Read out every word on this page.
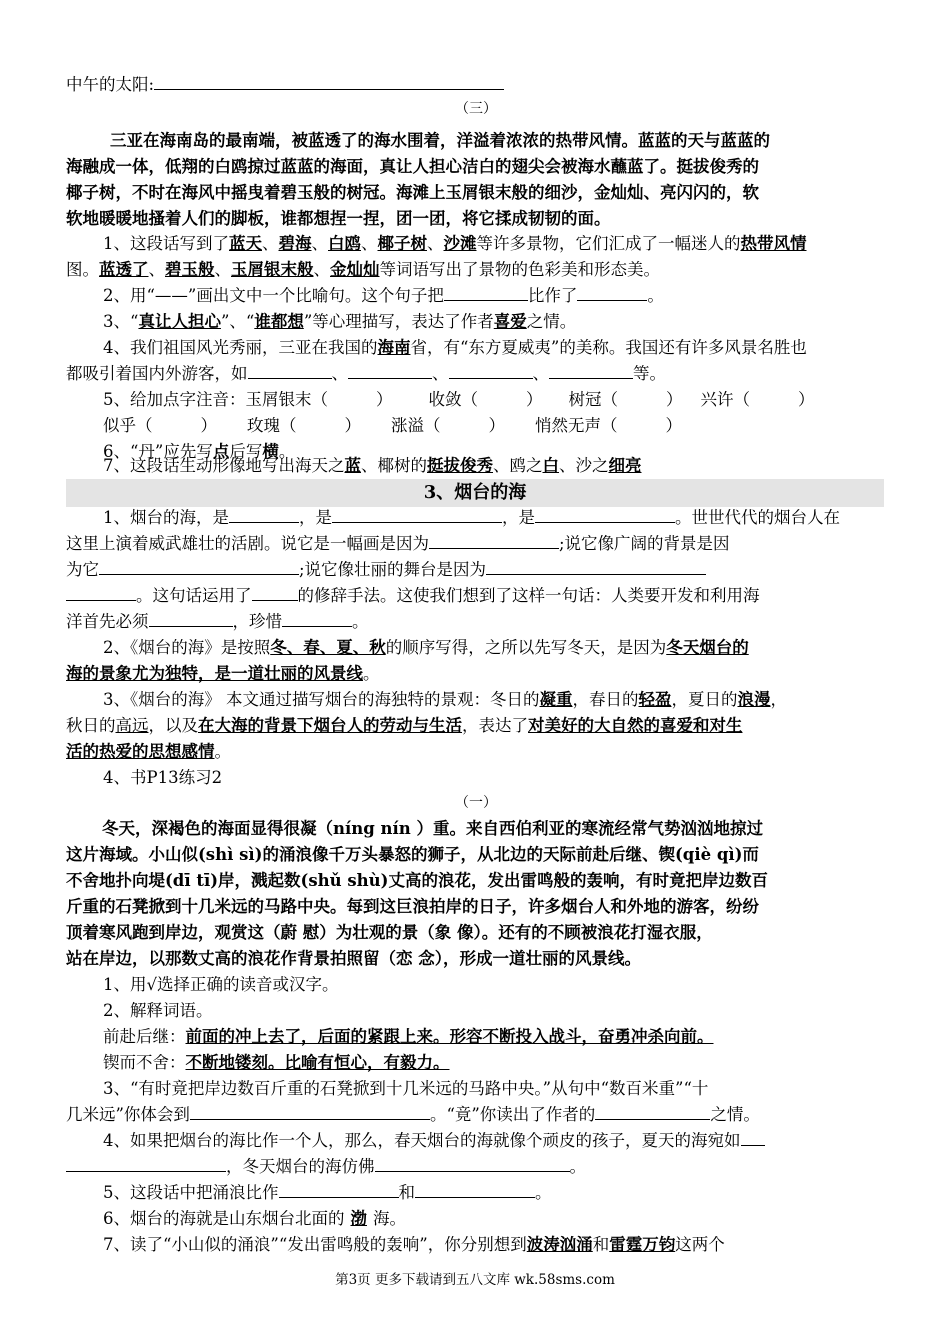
中午的太阳:
（三）
三亚在海南岛的最南端，被蓝透了的海水围着，洋溢着浓浓的热带风情。蓝蓝的天与蓝蓝的
海融成一体，低翔的白鸥掠过蓝蓝的海面，真让人担心洁白的翅尖会被海水蘸蓝了。挺拔俊秀的
椰子树，不时在海风中摇曳着碧玉般的树冠。海滩上玉屑银末般的细沙，金灿灿、亮闪闪的，软
软地暖暖地搔着人们的脚板，谁都想捏一捏，团一团，将它揉成韧韧的面。
1、这段话写到了蓝天、碧海、白鸥、椰子树、沙滩等许多景物，它们汇成了一幅迷人的热带风情
图。蓝透了、碧玉般、玉屑银末般、金灿灿等词语写出了景物的色彩美和形态美。
2、用“——”画出文中一个比喻句。这个句子把	比作了	。
3、“真让人担心”、“谁都想”等心理描写，表达了作者喜爱之情。
4、我们祖国风光秀丽，三亚在我国的海南省，有“东方夏威夷”的美称。我国还有许多风景名胜也
都吸引着国内外游客，如	、	、	、	等。
5、给加点字注音：玉屑银末（	） 收敛（	） 树冠（	） 兴许（	）
似乎（	） 玫瑰（	） 涨溢（	） 悄然无声（	）
6、“丹”应先写点后写横。
7、这段话生动形像地写出海天之蓝、椰树的挺拔俊秀、鸥之白、沙之细亮
3、烟台的海
1、烟台的海，是	，是	，是	。世世代代的烟台人在
这里上演着威武雄壮的活剧。说它是一幅画是因为	;说它像广阔的背景是因
为它	;说它像壮丽的舞台是因为
。这句话运用了	的修辞手法。这使我们想到了这样一句话：人类要开发和利用海
洋首先必须	，珍惜	。
2、《烟台的海》是按照冬、春、夏、秋的顺序写得，之所以先写冬天，是因为冬天烟台的
海的景象尤为独特，是一道壮丽的风景线。
3、《烟台的海》 本文通过描写烟台的海独特的景观：冬日的凝重，春日的轻盈，夏日的浪漫，
秋日的高远，以及在大海的背景下烟台人的劳动与生活，表达了对美好的大自然的喜爱和对生
活的热爱的思想感情。
4、书P13练习2
（一）
冬天，深褐色的海面显得很凝（níng nín ）重。来自西伯利亚的寒流经常气势汹汹地掠过
这片海域。小山似(shì sì)的涌浪像千万头暴怒的狮子，从北边的天际前赴后继、锲(qiè qì)而
不舍地扑向堤(dī tī)岸，溅起数(shǔ shù)丈高的浪花，发出雷鸣般的轰响，有时竟把岸边数百
斤重的石凳掀到十几米远的马路中央。每到这巨浪拍岸的日子，许多烟台人和外地的游客，纷纷
顶着寒风跑到岸边，观赏这（蔚 慰）为壮观的景（象 像）。还有的不顾被浪花打湿衣服，
站在岸边，以那数丈高的浪花作背景拍照留（恋 念），形成一道壮丽的风景线。
1、用√选择正确的读音或汉字。
2、解释词语。
前赴后继：前面的冲上去了，后面的紧跟上来。形容不断投入战斗，奋勇冲杀向前。
锲而不舍：不断地镂刻。比喻有恒心，有毅力。
3、“有时竟把岸边数百斤重的石凳掀到十几米远的马路中央。”从句中“数百米重”“十
几米远”你体会到	。“竟”你读出了作者的	之情。
4、如果把烟台的海比作一个人，那么，春天烟台的海就像个顽皮的孩子，夏天的海宛如
，冬天烟台的海仿佛	。
5、这段话中把涌浪比作	和	。
6、烟台的海就是山东烟台北面的 渤 海。
7、读了“小山似的涌浪”“发出雷鸣般的轰响”，你分别想到波涛汹涌和雷霆万钧这两个
第3页 更多下载请到五八文库 wk.58sms.com
